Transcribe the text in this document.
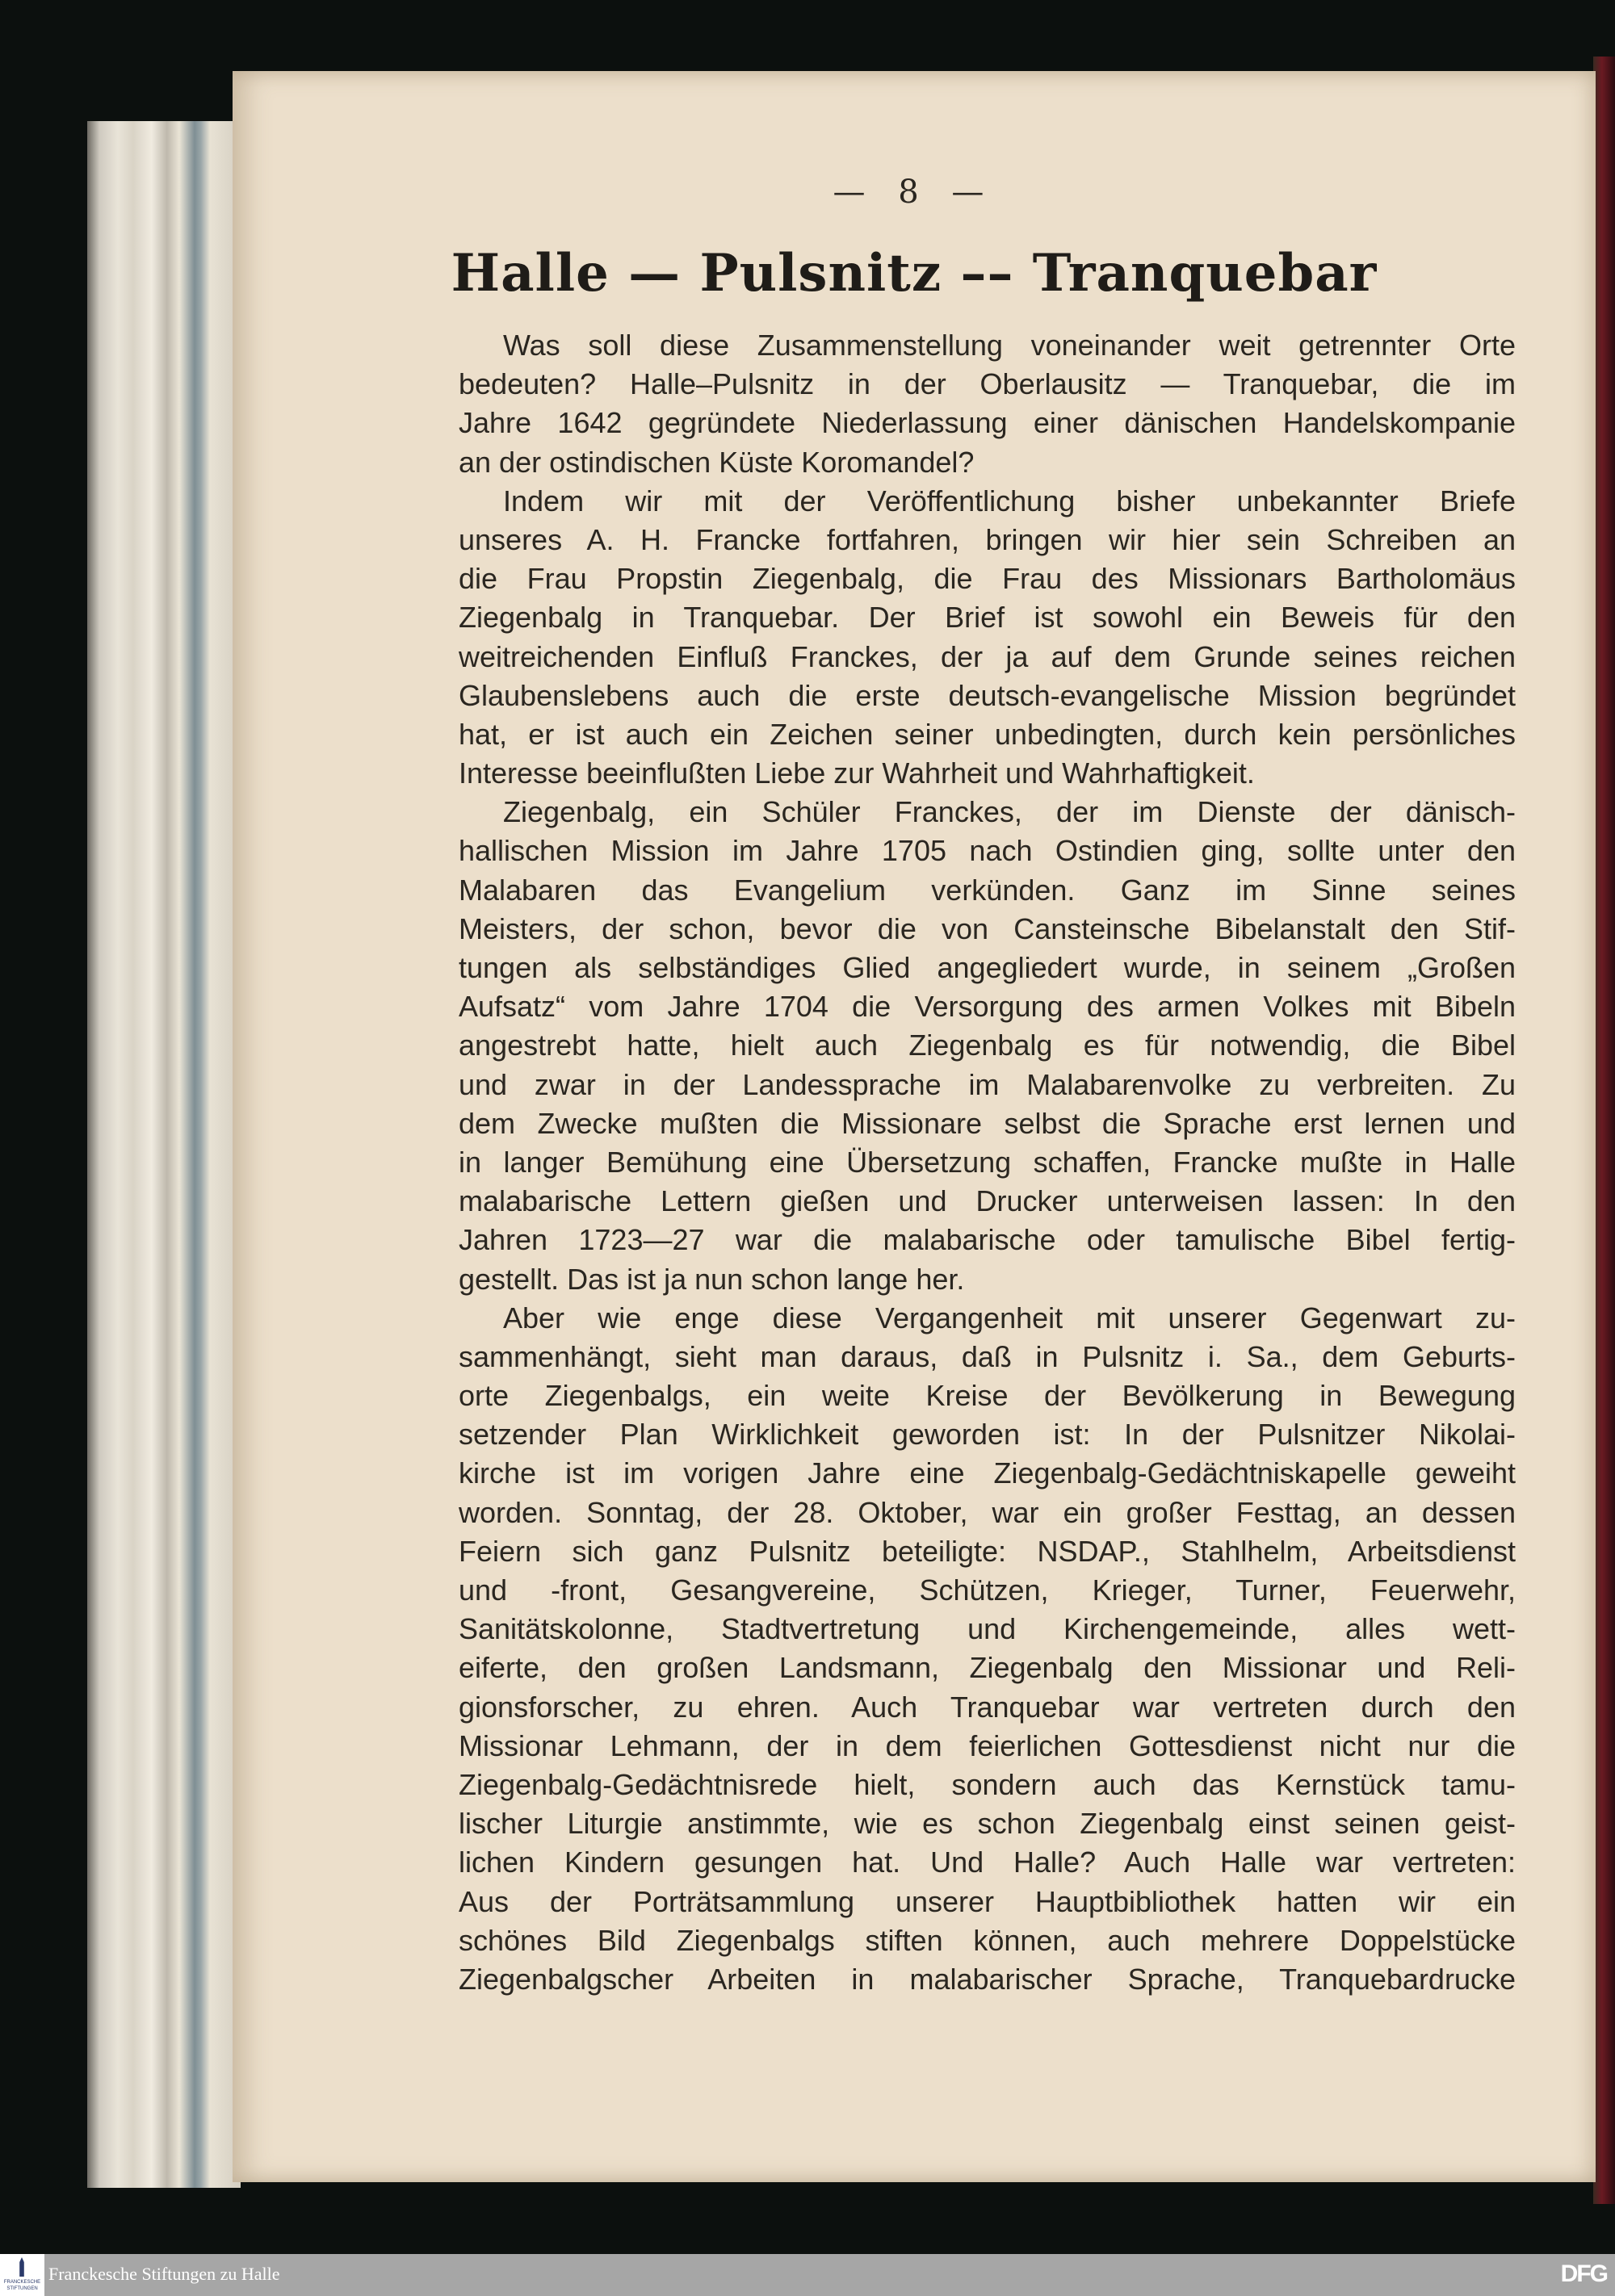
— 8 —
Halle — Pulsnitz –– Tranquebar
Was soll diese Zusammenstellung voneinander weit getrennter Orte
bedeuten? Halle–Pulsnitz in der Oberlausitz — Tranquebar, die im
Jahre 1642 gegründete Niederlassung einer dänischen Handelskompanie
an der ostindischen Küste Koromandel?
Indem wir mit der Veröffentlichung bisher unbekannter Briefe
unseres A. H. Francke fortfahren, bringen wir hier sein Schreiben an
die Frau Propstin Ziegenbalg, die Frau des Missionars Bartholomäus
Ziegenbalg in Tranquebar. Der Brief ist sowohl ein Beweis für den
weitreichenden Einfluß Franckes, der ja auf dem Grunde seines reichen
Glaubenslebens auch die erste deutsch-evangelische Mission begründet
hat, er ist auch ein Zeichen seiner unbedingten, durch kein persönliches
Interesse beeinflußten Liebe zur Wahrheit und Wahrhaftigkeit.
Ziegenbalg, ein Schüler Franckes, der im Dienste der dänisch-
hallischen Mission im Jahre 1705 nach Ostindien ging, sollte unter den
Malabaren das Evangelium verkünden. Ganz im Sinne seines
Meisters, der schon, bevor die von Cansteinsche Bibelanstalt den Stif-
tungen als selbständiges Glied angegliedert wurde, in seinem „Großen
Aufsatz“ vom Jahre 1704 die Versorgung des armen Volkes mit Bibeln
angestrebt hatte, hielt auch Ziegenbalg es für notwendig, die Bibel
und zwar in der Landessprache im Malabarenvolke zu verbreiten. Zu
dem Zwecke mußten die Missionare selbst die Sprache erst lernen und
in langer Bemühung eine Übersetzung schaffen, Francke mußte in Halle
malabarische Lettern gießen und Drucker unterweisen lassen: In den
Jahren 1723—27 war die malabarische oder tamulische Bibel fertig-
gestellt. Das ist ja nun schon lange her.
Aber wie enge diese Vergangenheit mit unserer Gegenwart zu-
sammenhängt, sieht man daraus, daß in Pulsnitz i. Sa., dem Geburts-
orte Ziegenbalgs, ein weite Kreise der Bevölkerung in Bewegung
setzender Plan Wirklichkeit geworden ist: In der Pulsnitzer Nikolai-
kirche ist im vorigen Jahre eine Ziegenbalg-Gedächtniskapelle geweiht
worden. Sonntag, der 28. Oktober, war ein großer Festtag, an dessen
Feiern sich ganz Pulsnitz beteiligte: NSDAP., Stahlhelm, Arbeitsdienst
und -front, Gesangvereine, Schützen, Krieger, Turner, Feuerwehr,
Sanitätskolonne, Stadtvertretung und Kirchengemeinde, alles wett-
eiferte, den großen Landsmann, Ziegenbalg den Missionar und Reli-
gionsforscher, zu ehren. Auch Tranquebar war vertreten durch den
Missionar Lehmann, der in dem feierlichen Gottesdienst nicht nur die
Ziegenbalg-Gedächtnisrede hielt, sondern auch das Kernstück tamu-
lischer Liturgie anstimmte, wie es schon Ziegenbalg einst seinen geist-
lichen Kindern gesungen hat. Und Halle? Auch Halle war vertreten:
Aus der Porträtsammlung unserer Hauptbibliothek hatten wir ein
schönes Bild Ziegenbalgs stiften können, auch mehrere Doppelstücke
Ziegenbalgscher Arbeiten in malabarischer Sprache, Tranquebardrucke
FRANCKESCHE STIFTUNGEN
Franckesche Stiftungen zu Halle	DFG
